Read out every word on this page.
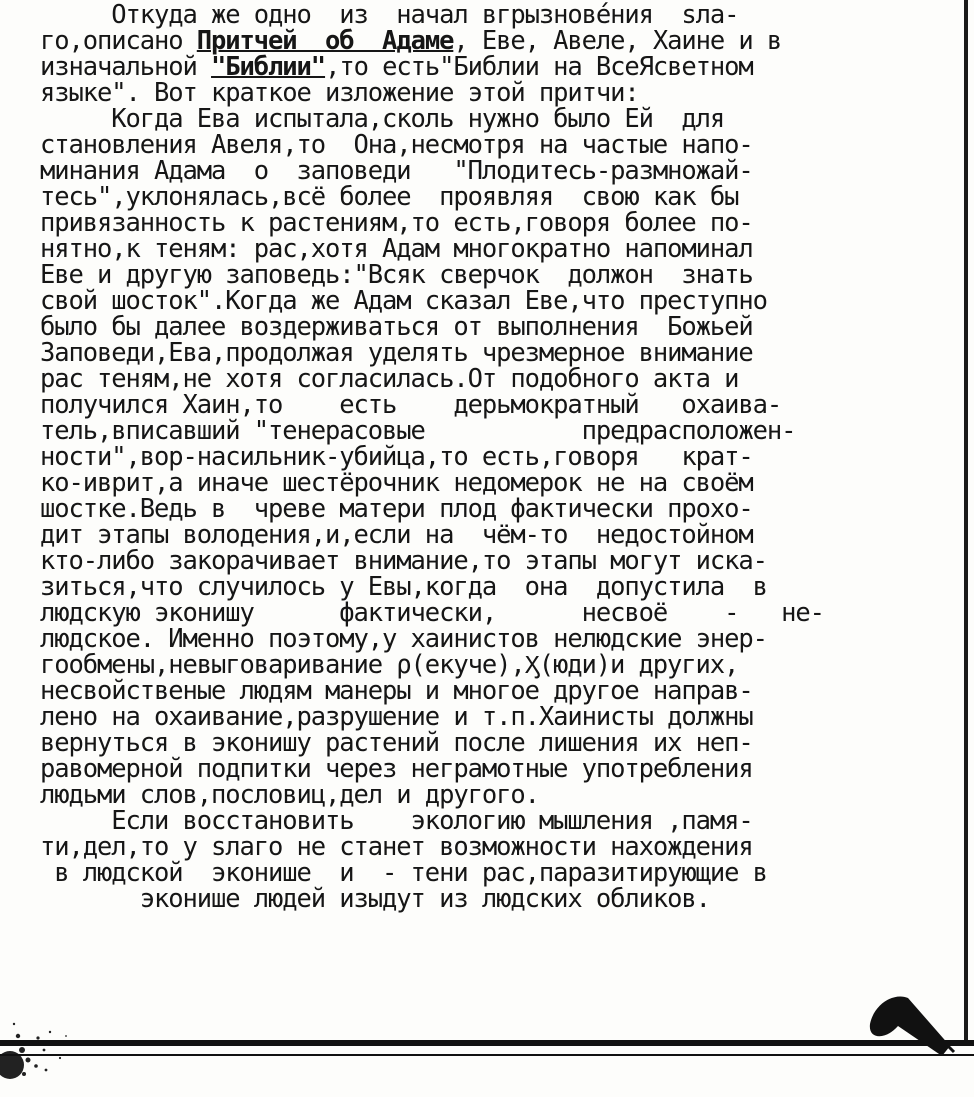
Откуда же одно  из  начал вгрызновéния  sла-
го,описано Притчей  об  Адаме, Еве, Авеле, Хаине и в
изначальной "Библии",то есть"Библии на ВсеЯсветном
языке". Вот краткое изложение этой притчи:
Когда Ева испытала,сколь нужно было Ей  для
становления Авеля,то  Она,несмотря на частые напо-
минания Адама  о  заповеди   "Плодитесь-размножай-
тесь",уклонялась,всё более  проявляя  свою как бы
привязанность к растениям,то есть,говоря более по-
нятно,к теням: рас,хотя Адам многократно напоминал
Еве и другую заповедь:"Всяк сверчок  должон  знать
свой шосток".Когда же Адам сказал Еве,что преступно
было бы далее воздерживаться от выполнения  Божьей
Заповеди,Ева,продолжая уделять чрезмерное внимание
рас теням,не хотя согласилась.От подобного акта и
получился Хаин,то    есть    дерьмократный   охаива-
тель,вписавший "тенерасовые           предрасположен-
ности",вор-насильник-убийца,то есть,говоря   крат-
ко-иврит,а иначе шестёрочник недомерок не на своём
шостке.Ведь в  чреве матери плод фактически прохо-
дит этапы володения,и,если на  чём-то  недостойном
кто-либо закорачивает внимание,то этапы могут иска-
зиться,что случилось у Евы,когда  она  допустила  в
людскую эконишу      фактически,      несвоё    -   не-
людское. Именно поэтому,у хаинистов нелюдские энер-
гообмены,невыговаривание ρ(екуче),Ӽ(юди)и других,
несвойственые людям манеры и многое другое направ-
лено на охаивание,разрушение и т.п.Хаинисты должны
вернуться в эконишу растений после лишения их неп-
равомерной подпитки через неграмотные употребления
людьми слов,пословиц,дел и другого.
Если восстановить    экологию мышления ,памя-
ти,дел,то у sлаго не станет возможности нахождения
в людской  эконише  и  - тени рас,паразитирующие в
эконише людей изыдут из людских обликов.
